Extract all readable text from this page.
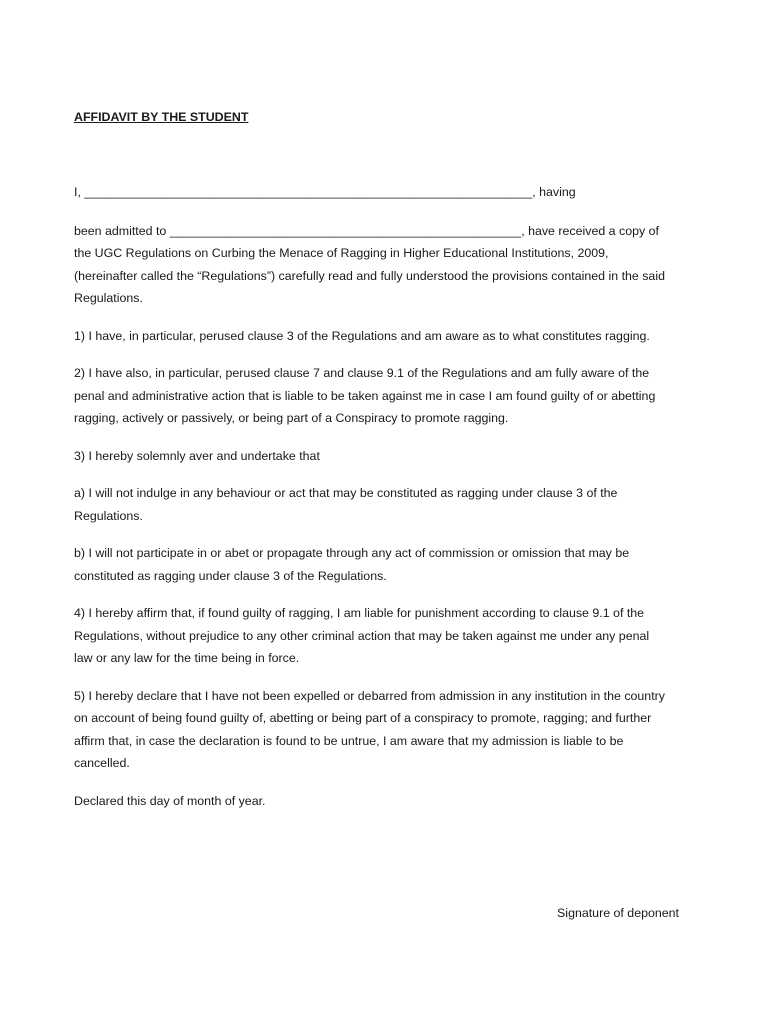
AFFIDAVIT BY THE STUDENT

I, _________________________________________________________________, having

been admitted to ___________________________________________________, have received a copy of

the UGC Regulations on Curbing the Menace of Ragging in Higher Educational Institutions, 2009,

(hereinafter called the “Regulations”) carefully read and fully understood the provisions contained in the said

Regulations.

1) I have, in particular, perused clause 3 of the Regulations and am aware as to what constitutes ragging.

2) I have also, in particular, perused clause 7 and clause 9.1 of the Regulations and am fully aware of the

penal and administrative action that is liable to be taken against me in case I am found guilty of or abetting

ragging, actively or passively, or being part of a Conspiracy to promote ragging.

3) I hereby solemnly aver and undertake that

a) I will not indulge in any behaviour or act that may be constituted as ragging under clause 3 of the

Regulations.

b) I will not participate in or abet or propagate through any act of commission or omission that may be

constituted as ragging under clause 3 of the Regulations.

4) I hereby affirm that, if found guilty of ragging, I am liable for punishment according to clause 9.1 of the

Regulations, without prejudice to any other criminal action that may be taken against me under any penal

law or any law for the time being in force.

5) I hereby declare that I have not been expelled or debarred from admission in any institution in the country

on account of being found guilty of, abetting or being part of a conspiracy to promote, ragging; and further

affirm that, in case the declaration is found to be untrue, I am aware that my admission is liable to be

cancelled.

Declared this day of month of year.

Signature of deponent
